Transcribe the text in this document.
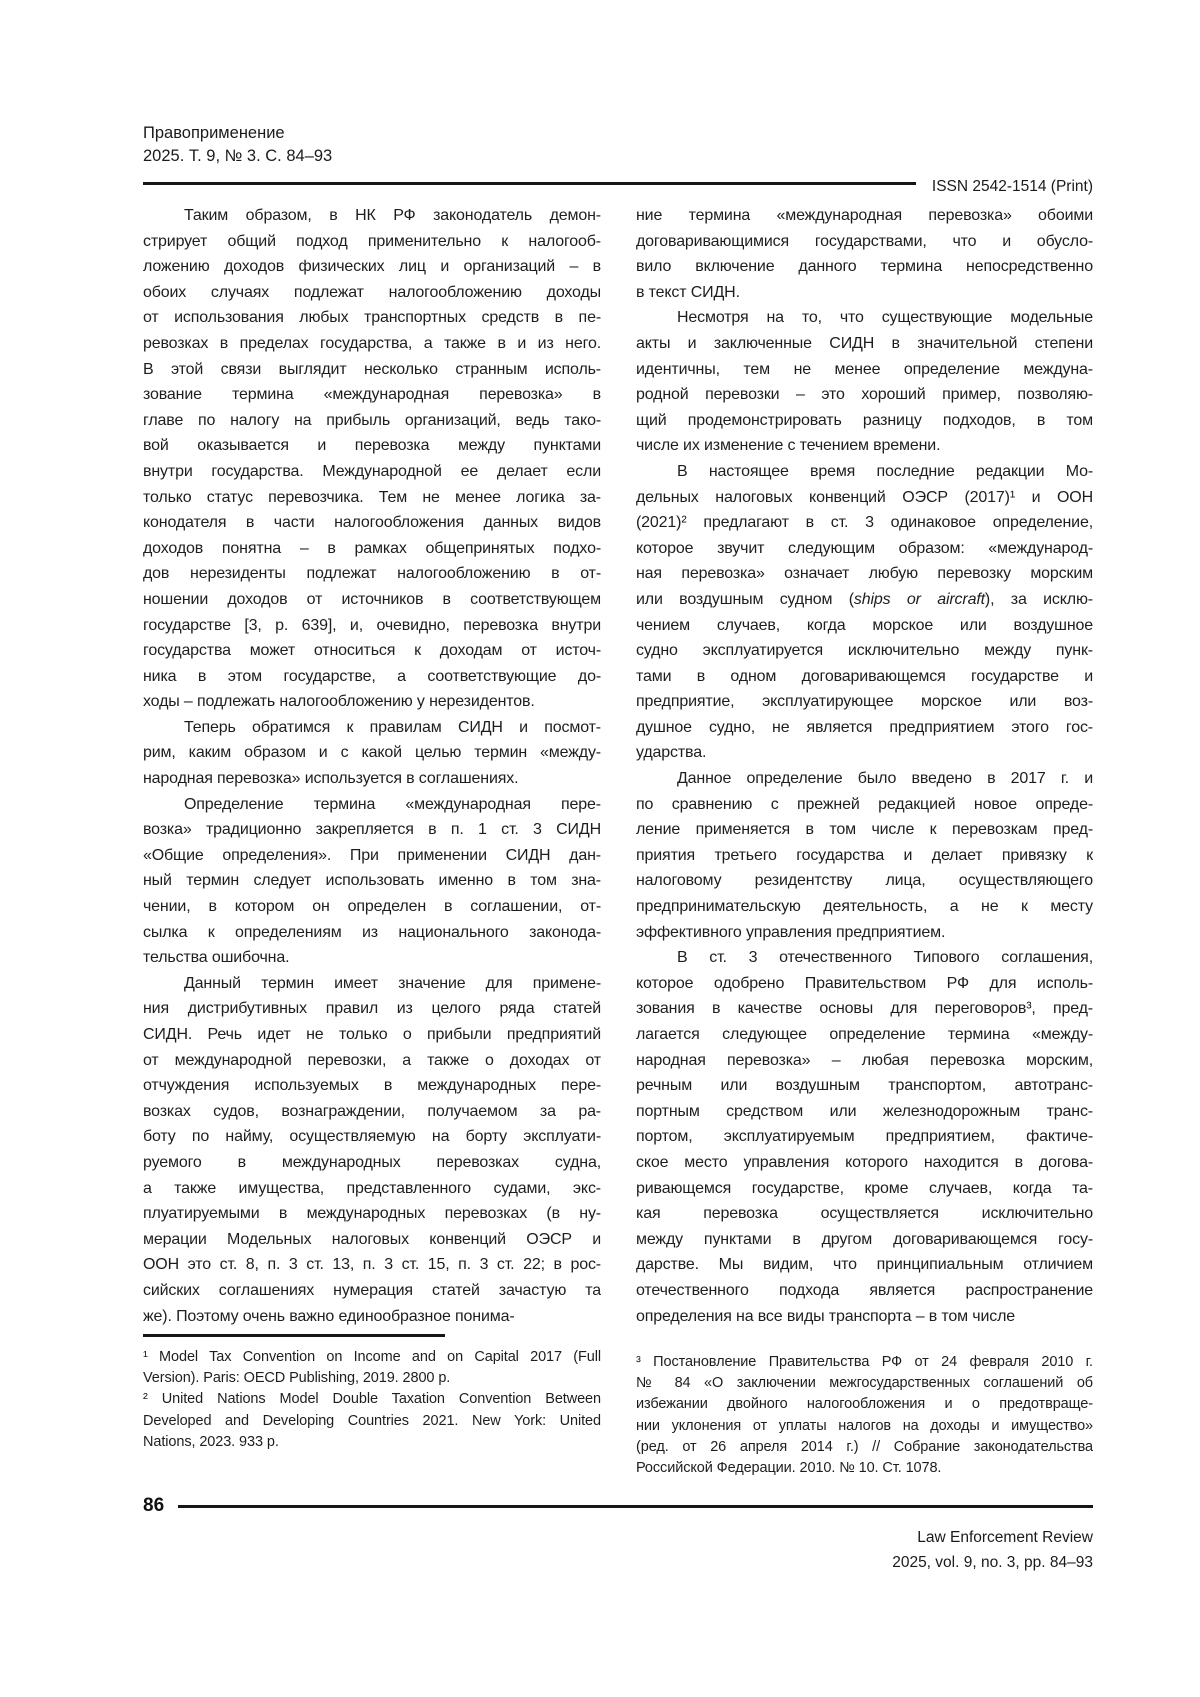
Правоприменение
2025. Т. 9, № 3. С. 84–93
ISSN 2542-1514 (Print)
Таким образом, в НК РФ законодатель демон-
стрирует общий подход применительно к налогооб-
ложению доходов физических лиц и организаций – в
обоих случаях подлежат налогообложению доходы
от использования любых транспортных средств в пе-
ревозках в пределах государства, а также в и из него.
В этой связи выглядит несколько странным исполь-
зование термина «международная перевозка» в
главе по налогу на прибыль организаций, ведь тако-
вой оказывается и перевозка между пунктами
внутри государства. Международной ее делает если
только статус перевозчика. Тем не менее логика за-
конодателя в части налогообложения данных видов
доходов понятна – в рамках общепринятых подхо-
дов нерезиденты подлежат налогообложению в от-
ношении доходов от источников в соответствующем
государстве [3, p. 639], и, очевидно, перевозка внутри
государства может относиться к доходам от источ-
ника в этом государстве, а соответствующие до-
ходы – подлежать налогообложению у нерезидентов.
Теперь обратимся к правилам СИДН и посмот-
рим, каким образом и с какой целью термин «между-
народная перевозка» используется в соглашениях.
Определение термина «международная пере-
возка» традиционно закрепляется в п. 1 ст. 3 СИДН
«Общие определения». При применении СИДН дан-
ный термин следует использовать именно в том зна-
чении, в котором он определен в соглашении, от-
сылка к определениям из национального законода-
тельства ошибочна.
Данный термин имеет значение для примене-
ния дистрибутивных правил из целого ряда статей
СИДН. Речь идет не только о прибыли предприятий
от международной перевозки, а также о доходах от
отчуждения используемых в международных пере-
возках судов, вознаграждении, получаемом за ра-
боту по найму, осуществляемую на борту эксплуати-
руемого в международных перевозках судна,
а также имущества, представленного судами, экс-
плуатируемыми в международных перевозках (в ну-
мерации Модельных налоговых конвенций ОЭСР и
ООН это ст. 8, п. 3 ст. 13, п. 3 ст. 15, п. 3 ст. 22; в рос-
сийских соглашениях нумерация статей зачастую та
же). Поэтому очень важно единообразное понима-
ние термина «международная перевозка» обоими
договаривающимися государствами, что и обусло-
вило включение данного термина непосредственно
в текст СИДН.
Несмотря на то, что существующие модельные
акты и заключенные СИДН в значительной степени
идентичны, тем не менее определение междуна-
родной перевозки – это хороший пример, позволяю-
щий продемонстрировать разницу подходов, в том
числе их изменение с течением времени.
В настоящее время последние редакции Мо-
дельных налоговых конвенций ОЭСР (2017)¹ и ООН
(2021)² предлагают в ст. 3 одинаковое определение,
которое звучит следующим образом: «международ-
ная перевозка» означает любую перевозку морским
или воздушным судном (ships or aircraft), за исклю-
чением случаев, когда морское или воздушное
судно эксплуатируется исключительно между пунк-
тами в одном договаривающемся государстве и
предприятие, эксплуатирующее морское или воз-
душное судно, не является предприятием этого гос-
ударства.
Данное определение было введено в 2017 г. и
по сравнению с прежней редакцией новое опреде-
ление применяется в том числе к перевозкам пред-
приятия третьего государства и делает привязку к
налоговому резидентству лица, осуществляющего
предпринимательскую деятельность, а не к месту
эффективного управления предприятием.
В ст. 3 отечественного Типового соглашения,
которое одобрено Правительством РФ для исполь-
зования в качестве основы для переговоров³, пред-
лагается следующее определение термина «между-
народная перевозка» – любая перевозка морским,
речным или воздушным транспортом, автотранс-
портным средством или железнодорожным транс-
портом, эксплуатируемым предприятием, фактиче-
ское место управления которого находится в догова-
ривающемся государстве, кроме случаев, когда та-
кая перевозка осуществляется исключительно
между пунктами в другом договаривающемся госу-
дарстве. Мы видим, что принципиальным отличием
отечественного подхода является распространение
определения на все виды транспорта – в том числе
¹ Model Tax Convention on Income and on Capital 2017 (Full
Version). Paris: OECD Publishing, 2019. 2800 p.
² United Nations Model Double Taxation Convention Between
Developed and Developing Countries 2021. New York: United
Nations, 2023. 933 p.
³ Постановление Правительства РФ от 24 февраля 2010 г.
№ 84 «О заключении межгосударственных соглашений об
избежании двойного налогообложения и о предотвраще-
нии уклонения от уплаты налогов на доходы и имущество»
(ред. от 26 апреля 2014 г.) // Собрание законодательства
Российской Федерации. 2010. № 10. Ст. 1078.
86
Law Enforcement Review
2025, vol. 9, no. 3, pp. 84–93
